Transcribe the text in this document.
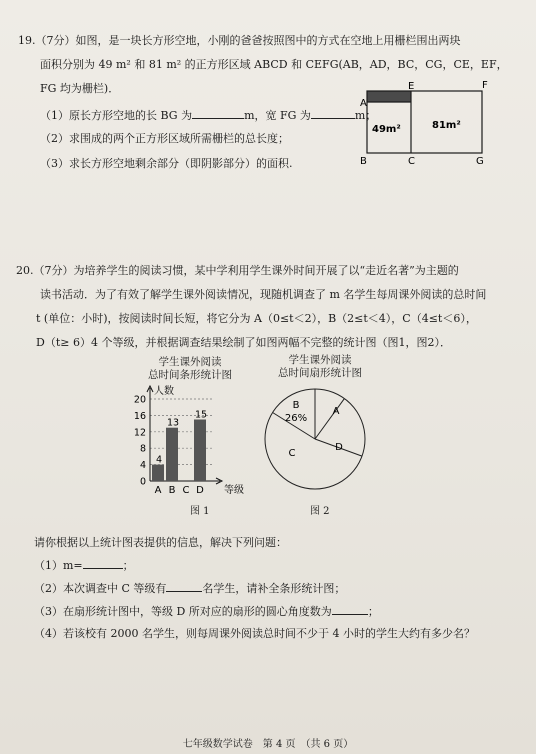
19.（7分）如图，是一块长方形空地，小刚的爸爸按照图中的方式在空地上用栅栏围出两块
面积分别为 49 m² 和 81 m² 的正方形区域 ABCD 和 CEFG(AB，AD，BC，CG，CE，EF，
FG 均为栅栏)．
（1）原长方形空地的长 BG 为	m，宽 FG 为	m；
（2）求围成的两个正方形区域所需栅栏的总长度；
（3）求长方形空地剩余部分（即阴影部分）的面积.
A
B	C
E	F
G
49m²	81m²
20.（7分）为培养学生的阅读习惯，某中学利用学生课外时间开展了以“走近名著”为主题的
读书活动．为了有效了解学生课外阅读情况，现随机调查了 m 名学生每周课外阅读的总时间
t (单位：小时)，按阅读时间长短，将它分为 A（0≤t＜2），B（2≤t＜4），C（4≤t＜6），
D（t≥ 6）4 个等级，并根据调查结果绘制了如图两幅不完整的统计图（图1，图2）．
学生课外阅读
总时间条形统计图
学生课外阅读
总时间扇形统计图
0
4
8
12
16
20
人数
等级
4
A
13
B C
15
D
A
B
26%
C
D
图 1	图 2
请你根据以上统计图表提供的信息，解决下列问题：
（1）m=	；
（2）本次调查中 C 等级有	名学生，请补全条形统计图；
（3）在扇形统计图中，等级 D 所对应的扇形的圆心角度数为	；
（4）若该校有 2000 名学生，则每周课外阅读总时间不少于 4 小时的学生大约有多少名？
七年级数学试卷　第 4 页　（共 6 页）
